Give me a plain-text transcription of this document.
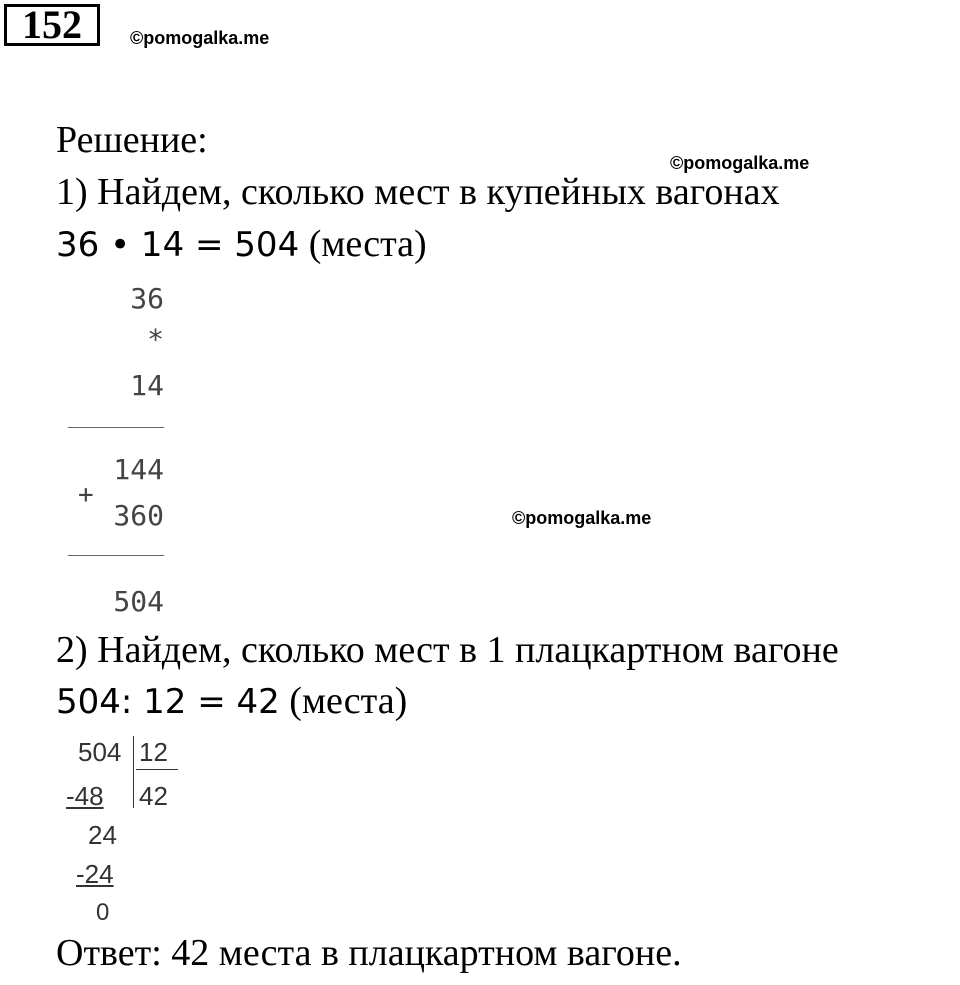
152	©pomogalka.me
©pomogalka.me
©pomogalka.me
Решение:
1) Найдем, сколько мест в купейных вагонах
36 • 14 = 504 (места)
36
*
14
144
+
360
504
2) Найдем, сколько мест в 1 плацкартном вагоне
504: 12 = 42 (места)
504 12
-48 42
24
-24
0
Ответ: 42 места в плацкартном вагоне.
